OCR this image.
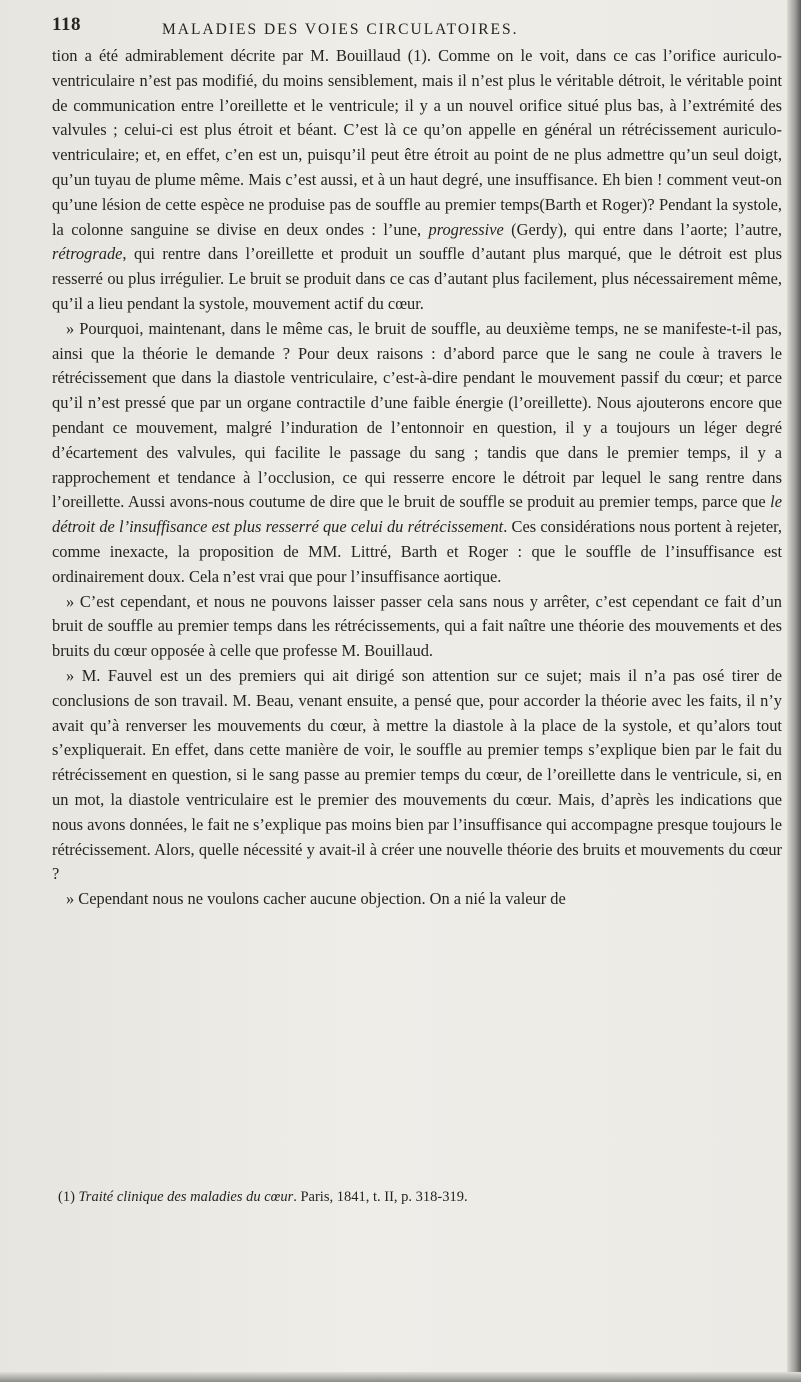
118	MALADIES DES VOIES CIRCULATOIRES.

tion a été admirablement décrite par M. Bouillaud (1). Comme on le voit, dans ce cas l’orifice auriculo-ventriculaire n’est pas modifié, du moins sensiblement, mais il n’est plus le véritable détroit, le véritable point de communication entre l’oreillette et le ventricule; il y a un nouvel orifice situé plus bas, à l’extrémité des valvules ; celui-ci est plus étroit et béant. C’est là ce qu’on appelle en général un rétrécissement auriculo-ventriculaire; et, en effet, c’en est un, puisqu’il peut être étroit au point de ne plus admettre qu’un seul doigt, qu’un tuyau de plume même. Mais c’est aussi, et à un haut degré, une insuffisance. Eh bien ! comment veut-on qu’une lésion de cette espèce ne produise pas de souffle au premier temps(Barth et Roger)? Pendant la systole, la colonne sanguine se divise en deux ondes : l’une, progressive (Gerdy), qui entre dans l’aorte; l’autre, rétrograde, qui rentre dans l’oreillette et produit un souffle d’autant plus marqué, que le détroit est plus resserré ou plus irrégulier. Le bruit se produit dans ce cas d’autant plus facilement, plus nécessairement même, qu’il a lieu pendant la systole, mouvement actif du cœur.

» Pourquoi, maintenant, dans le même cas, le bruit de souffle, au deuxième temps, ne se manifeste-t-il pas, ainsi que la théorie le demande ? Pour deux raisons : d’abord parce que le sang ne coule à travers le rétrécissement que dans la diastole ventriculaire, c’est-à-dire pendant le mouvement passif du cœur; et parce qu’il n’est pressé que par un organe contractile d’une faible énergie (l’oreillette). Nous ajouterons encore que pendant ce mouvement, malgré l’induration de l’entonnoir en question, il y a toujours un léger degré d’écartement des valvules, qui facilite le passage du sang ; tandis que dans le premier temps, il y a rapprochement et tendance à l’occlusion, ce qui resserre encore le détroit par lequel le sang rentre dans l’oreillette. Aussi avons-nous coutume de dire que le bruit de souffle se produit au premier temps, parce que le détroit de l’insuffisance est plus resserré que celui du rétrécissement. Ces considérations nous portent à rejeter, comme inexacte, la proposition de MM. Littré, Barth et Roger : que le souffle de l’insuffisance est ordinairement doux. Cela n’est vrai que pour l’insuffisance aortique.

» C’est cependant, et nous ne pouvons laisser passer cela sans nous y arrêter, c’est cependant ce fait d’un bruit de souffle au premier temps dans les rétrécissements, qui a fait naître une théorie des mouvements et des bruits du cœur opposée à celle que professe M. Bouillaud.

» M. Fauvel est un des premiers qui ait dirigé son attention sur ce sujet; mais il n’a pas osé tirer de conclusions de son travail. M. Beau, venant ensuite, a pensé que, pour accorder la théorie avec les faits, il n’y avait qu’à renverser les mouvements du cœur, à mettre la diastole à la place de la systole, et qu’alors tout s’expliquerait. En effet, dans cette manière de voir, le souffle au premier temps s’explique bien par le fait du rétrécissement en question, si le sang passe au premier temps du cœur, de l’oreillette dans le ventricule, si, en un mot, la diastole ventriculaire est le premier des mouvements du cœur. Mais, d’après les indications que nous avons données, le fait ne s’explique pas moins bien par l’insuffisance qui accompagne presque toujours le rétrécissement. Alors, quelle nécessité y avait-il à créer une nouvelle théorie des bruits et mouvements du cœur ?

» Cependant nous ne voulons cacher aucune objection. On a nié la valeur de

(1) Traité clinique des maladies du cœur. Paris, 1841, t. II, p. 318-319.
